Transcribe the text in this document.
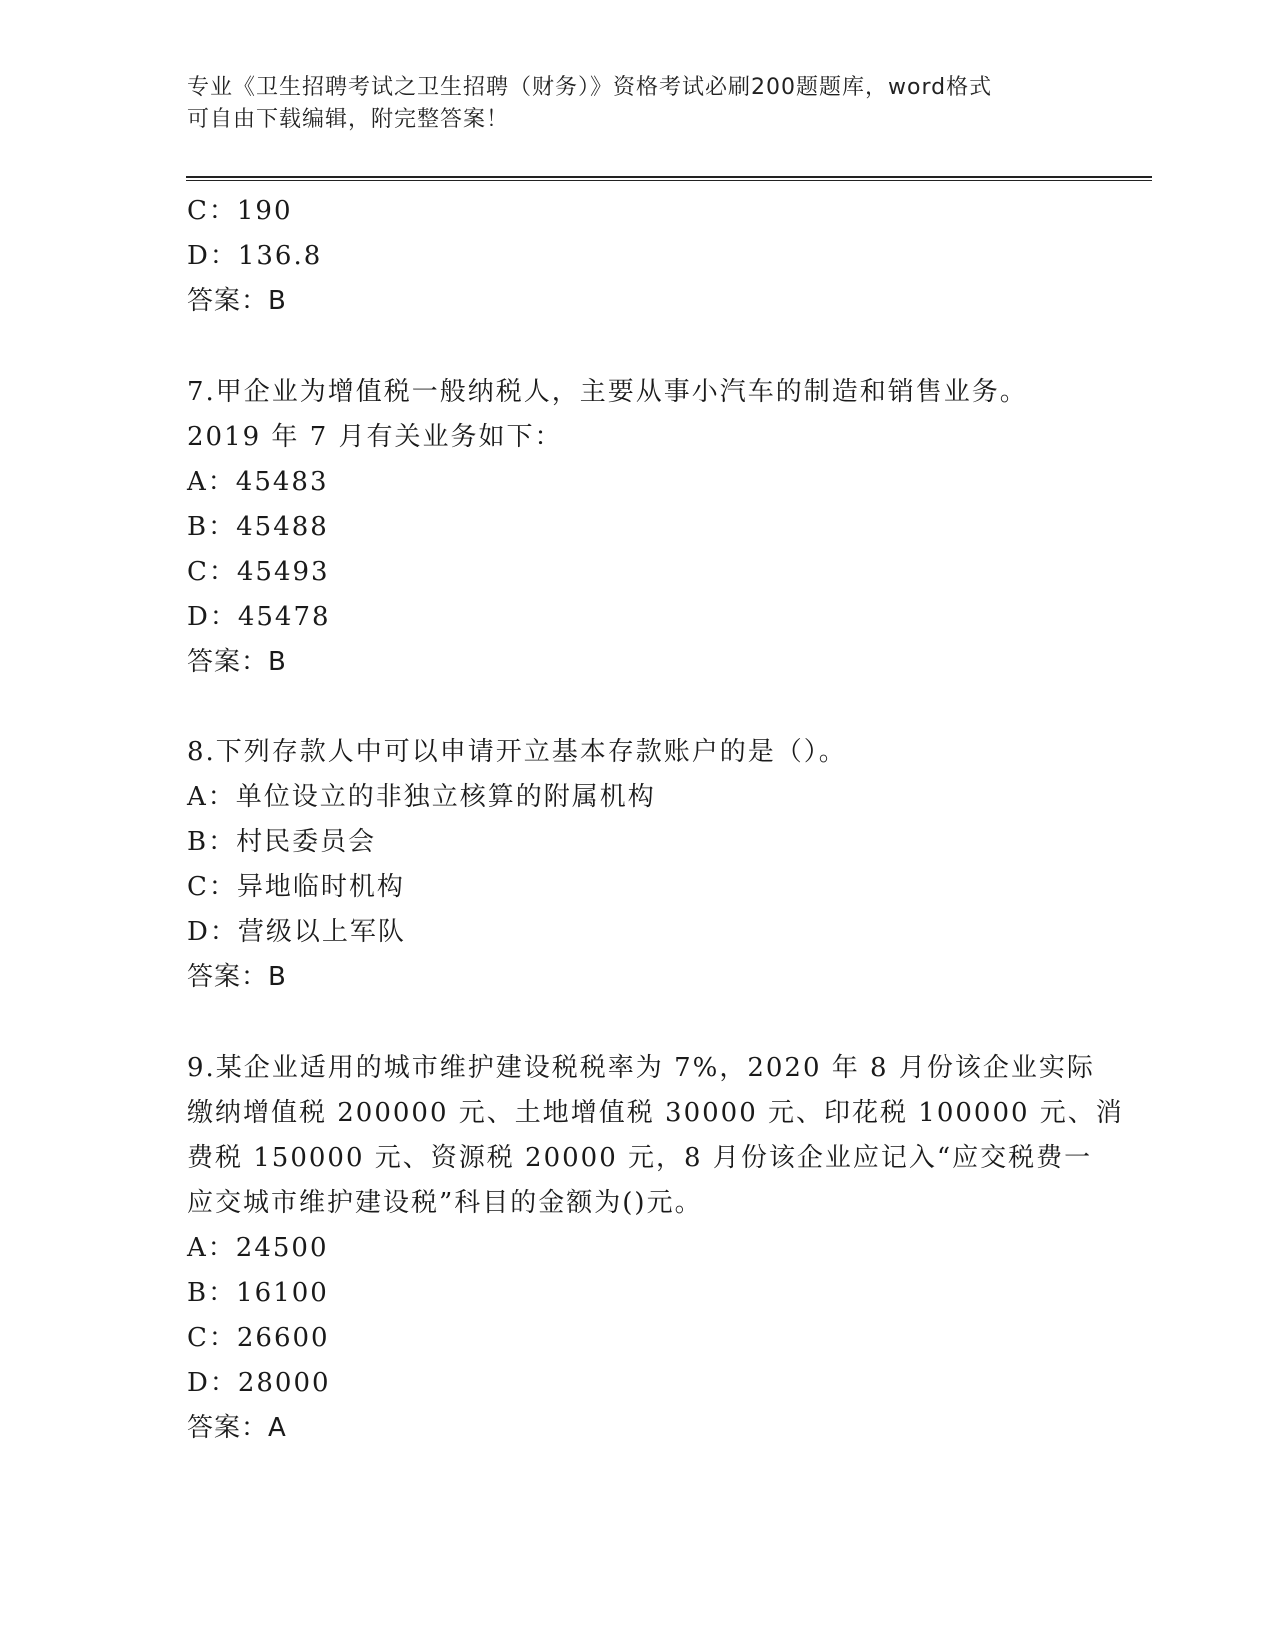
专业《卫生招聘考试之卫生招聘（财务）》资格考试必刷200题题库，word格式
可自由下载编辑，附完整答案！
C：190
D：136.8
答案：B
7.甲企业为增值税一般纳税人，主要从事小汽车的制造和销售业务。
2019 年 7 月有关业务如下：
A：45483
B：45488
C：45493
D：45478
答案：B
8.下列存款人中可以申请开立基本存款账户的是（）。
A：单位设立的非独立核算的附属机构
B：村民委员会
C：异地临时机构
D：营级以上军队
答案：B
9.某企业适用的城市维护建设税税率为 7%，2020 年 8 月份该企业实际
缴纳增值税 200000 元、土地增值税 30000 元、印花税 100000 元、消
费税 150000 元、资源税 20000 元，8 月份该企业应记入“应交税费一
应交城市维护建设税”科目的金额为()元。
A：24500
B：16100
C：26600
D：28000
答案：A
